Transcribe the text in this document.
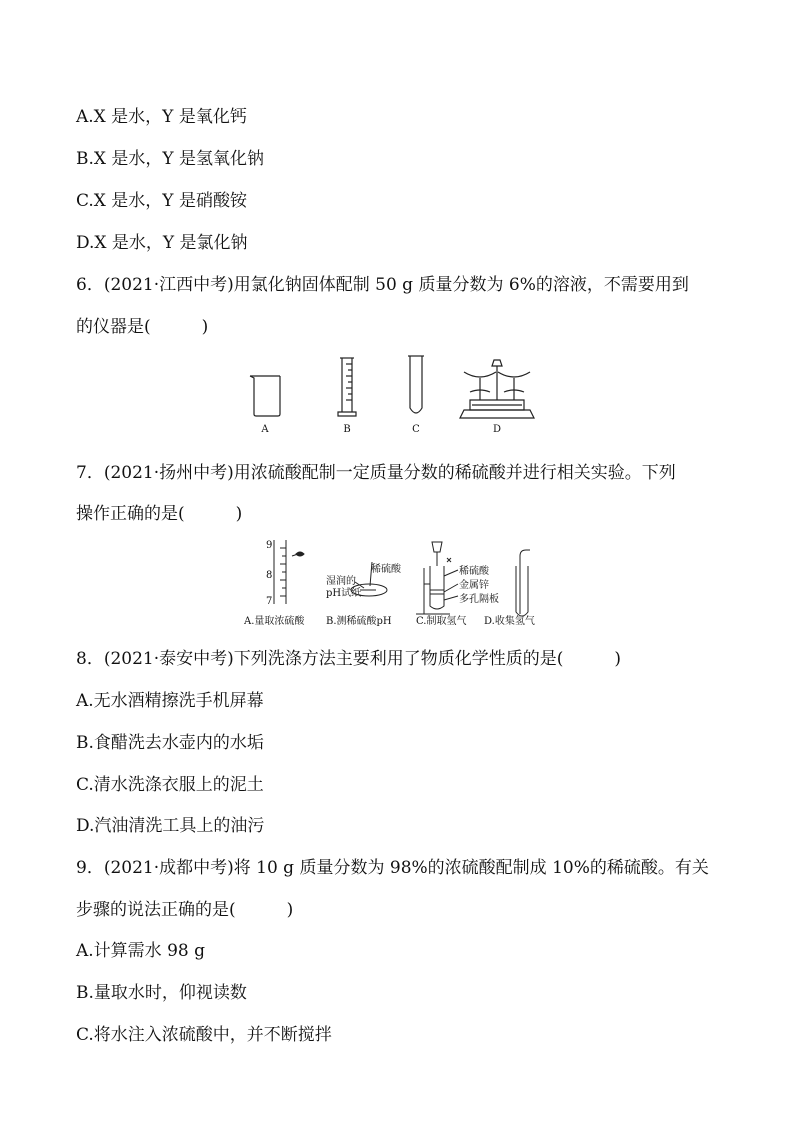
A.X 是水，Y 是氧化钙
B.X 是水，Y 是氢氧化钠
C.X 是水，Y 是硝酸铵
D.X 是水，Y 是氯化钠
6．(2021·江西中考)用氯化钠固体配制 50 g 质量分数为 6%的溶液，不需要用到
的仪器是(　　　)
A	B	C	D
7．(2021·扬州中考)用浓硫酸配制一定质量分数的稀硫酸并进行相关实验。下列
操作正确的是(　　　)
9
8
7
稀硫酸
湿润的
pH试纸
稀硫酸
金属锌
多孔隔板
A.量取浓硫酸 B.测稀硫酸pH C.制取氢气 D.收集氢气
8．(2021·泰安中考)下列洗涤方法主要利用了物质化学性质的是(　　　)
A.无水酒精擦洗手机屏幕
B.食醋洗去水壶内的水垢
C.清水洗涤衣服上的泥土
D.汽油清洗工具上的油污
9．(2021·成都中考)将 10 g 质量分数为 98%的浓硫酸配制成 10%的稀硫酸。有关
步骤的说法正确的是(　　　)
A.计算需水 98 g
B.量取水时，仰视读数
C.将水注入浓硫酸中，并不断搅拌
